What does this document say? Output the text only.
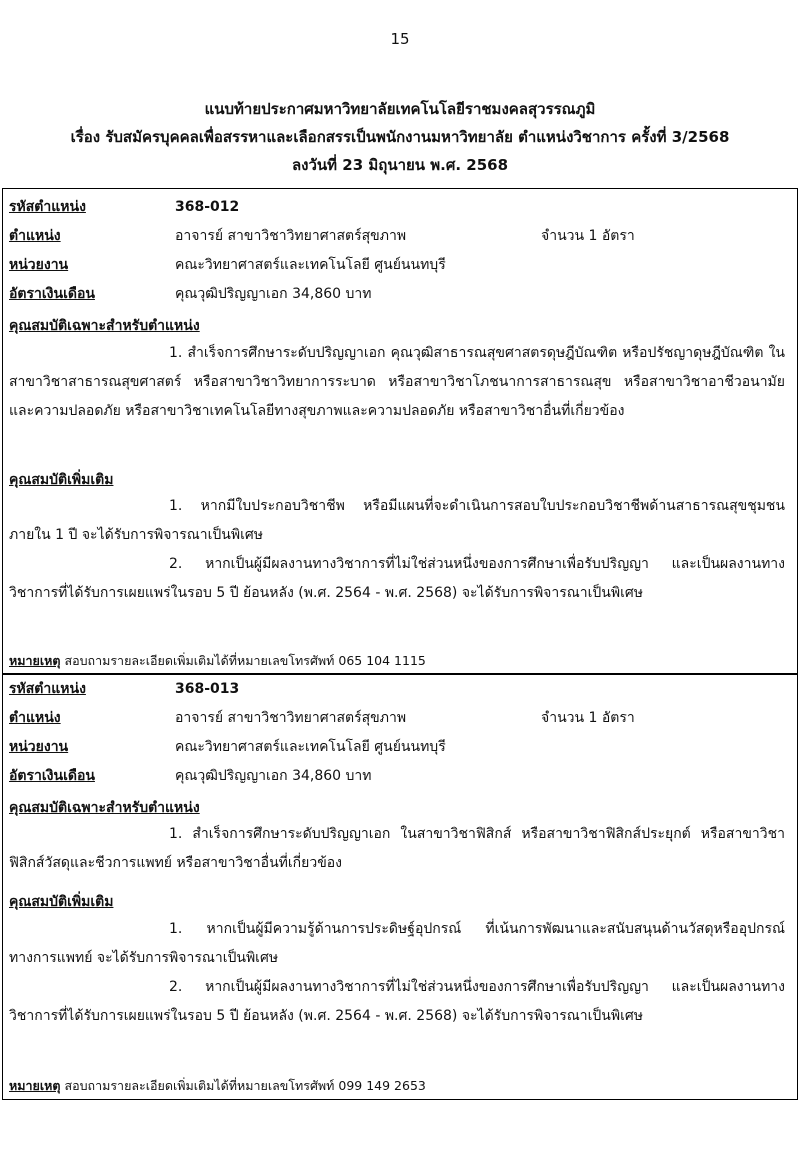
15
แนบท้ายประกาศมหาวิทยาลัยเทคโนโลยีราชมงคลสุวรรณภูมิ
เรื่อง รับสมัครบุคคลเพื่อสรรหาและเลือกสรรเป็นพนักงานมหาวิทยาลัย ตำแหน่งวิชาการ ครั้งที่ 3/2568
ลงวันที่ 23 มิถุนายน พ.ศ. 2568
รหัสตำแหน่ง	368-012
ตำแหน่ง	อาจารย์ สาขาวิชาวิทยาศาสตร์สุขภาพ	จำนวน 1 อัตรา
หน่วยงาน	คณะวิทยาศาสตร์และเทคโนโลยี ศูนย์นนทบุรี
อัตราเงินเดือน	คุณวุฒิปริญญาเอก 34,860 บาท
คุณสมบัติเฉพาะสำหรับตำแหน่ง
1. สำเร็จการศึกษาระดับปริญญาเอก คุณวุฒิสาธารณสุขศาสตรดุษฎีบัณฑิต หรือปรัชญาดุษฎีบัณฑิต ในสาขาวิชาสาธารณสุขศาสตร์ หรือสาขาวิชาวิทยาการระบาด หรือสาขาวิชาโภชนาการสาธารณสุข หรือสาขาวิชาอาชีวอนามัยและความปลอดภัย หรือสาขาวิชาเทคโนโลยีทางสุขภาพและความปลอดภัย หรือสาขาวิชาอื่นที่เกี่ยวข้อง
คุณสมบัติเพิ่มเติม
1. หากมีใบประกอบวิชาชีพ หรือมีแผนที่จะดำเนินการสอบใบประกอบวิชาชีพด้านสาธารณสุขชุมชน ภายใน 1 ปี จะได้รับการพิจารณาเป็นพิเศษ
2. หากเป็นผู้มีผลงานทางวิชาการที่ไม่ใช่ส่วนหนึ่งของการศึกษาเพื่อรับปริญญา และเป็นผลงานทางวิชาการที่ได้รับการเผยแพร่ในรอบ 5 ปี ย้อนหลัง (พ.ศ. 2564 - พ.ศ. 2568) จะได้รับการพิจารณาเป็นพิเศษ
หมายเหตุ สอบถามรายละเอียดเพิ่มเติมได้ที่หมายเลขโทรศัพท์ 065 104 1115
รหัสตำแหน่ง	368-013
ตำแหน่ง	อาจารย์ สาขาวิชาวิทยาศาสตร์สุขภาพ	จำนวน 1 อัตรา
หน่วยงาน	คณะวิทยาศาสตร์และเทคโนโลยี ศูนย์นนทบุรี
อัตราเงินเดือน	คุณวุฒิปริญญาเอก 34,860 บาท
คุณสมบัติเฉพาะสำหรับตำแหน่ง
1. สำเร็จการศึกษาระดับปริญญาเอก ในสาขาวิชาฟิสิกส์ หรือสาขาวิชาฟิสิกส์ประยุกต์ หรือสาขาวิชาฟิสิกส์วัสดุและชีวการแพทย์ หรือสาขาวิชาอื่นที่เกี่ยวข้อง
คุณสมบัติเพิ่มเติม
1. หากเป็นผู้มีความรู้ด้านการประดิษฐ์อุปกรณ์ ที่เน้นการพัฒนาและสนับสนุนด้านวัสดุหรืออุปกรณ์ทางการแพทย์ จะได้รับการพิจารณาเป็นพิเศษ
2. หากเป็นผู้มีผลงานทางวิชาการที่ไม่ใช่ส่วนหนึ่งของการศึกษาเพื่อรับปริญญา และเป็นผลงานทางวิชาการที่ได้รับการเผยแพร่ในรอบ 5 ปี ย้อนหลัง (พ.ศ. 2564 - พ.ศ. 2568) จะได้รับการพิจารณาเป็นพิเศษ
หมายเหตุ สอบถามรายละเอียดเพิ่มเติมได้ที่หมายเลขโทรศัพท์ 099 149 2653
